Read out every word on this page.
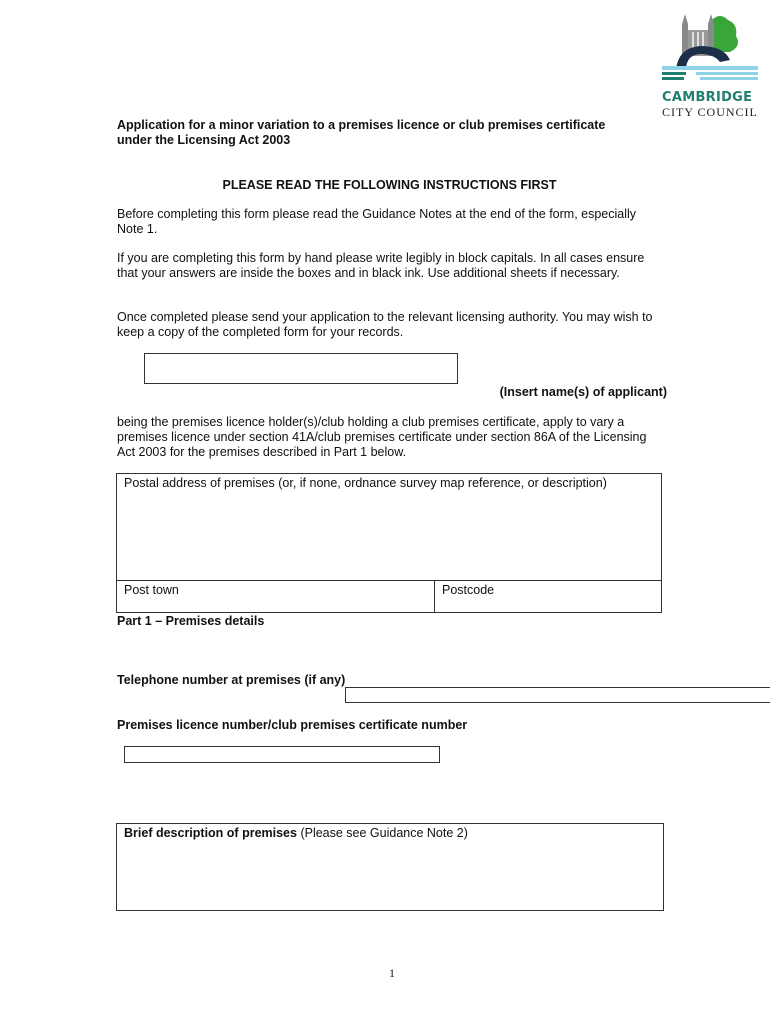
CAMBRIDGE
CITY COUNCIL
Application for a minor variation to a premises licence or club premises certificate
under the Licensing Act 2003
PLEASE READ THE FOLLOWING INSTRUCTIONS FIRST

Before completing this form please read the Guidance Notes at the end of the form, especially Note 1.

If you are completing this form by hand please write legibly in block capitals. In all cases ensure that your answers are inside the boxes and in black ink. Use additional sheets if necessary.

Once completed please send your application to the relevant licensing authority. You may wish to keep a copy of the completed form for your records.

(Insert name(s) of applicant)

being the premises licence holder(s)/club holding a club premises certificate, apply to vary a premises licence under section 41A/club premises certificate under section 86A of the Licensing Act 2003 for the premises described in Part 1 below.

Postal address of premises (or, if none, ordnance survey map reference, or description)
Post town	Postcode
Part 1 – Premises details
Telephone number at premises (if any)
Premises licence number/club premises certificate number
Brief description of premises (Please see Guidance Note 2)
1
